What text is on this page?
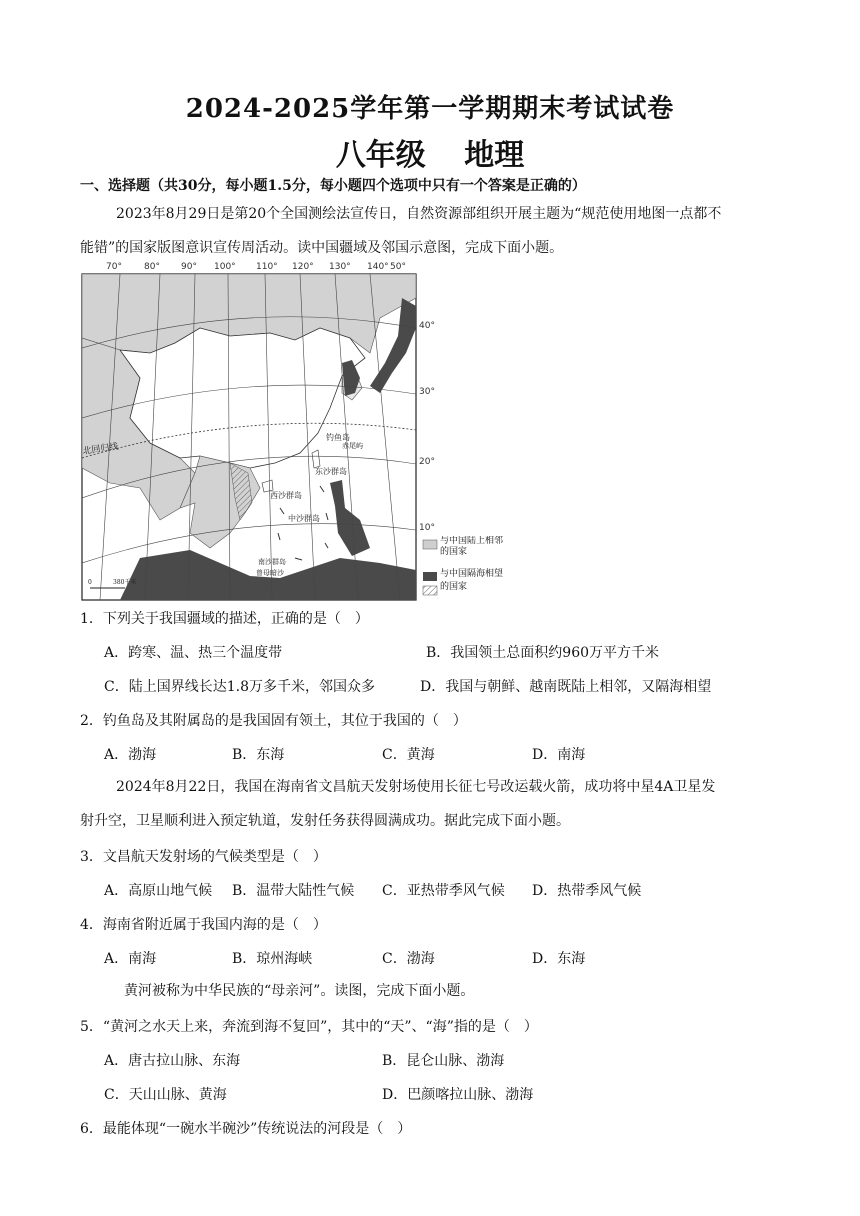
2024-2025学年第一学期期末考试试卷
八年级 地理
一、选择题（共30分，每小题1.5分，每小题四个选项中只有一个答案是正确的）
2023年8月29日是第20个全国测绘法宣传日，自然资源部组织开展主题为“规范使用地图一点都不
能错”的国家版图意识宣传周活动。读中国疆域及邻国示意图，完成下面小题。
70° 80° 90° 100° 110° 120° 130° 140° 50°
40°
30°
20°
10°
北回归线
钓鱼岛
赤尾屿
东沙群岛
西沙群岛
中沙群岛
南沙群岛
曾母暗沙
0	380千米
与中国陆上相邻的国家
与中国隔海相望的国家
1．下列关于我国疆域的描述，正确的是（　）
A．跨寒、温、热三个温度带	B．我国领土总面积约960万平方千米
C．陆上国界线长达1.8万多千米，邻国众多	D．我国与朝鲜、越南既陆上相邻，又隔海相望
2．钓鱼岛及其附属岛的是我国固有领土，其位于我国的（　）
A．渤海	B．东海	C．黄海	D．南海
2024年8月22日，我国在海南省文昌航天发射场使用长征七号改运载火箭，成功将中星4A卫星发
射升空，卫星顺利进入预定轨道，发射任务获得圆满成功。据此完成下面小题。
3．文昌航天发射场的气候类型是（　）
A．高原山地气候 B．温带大陆性气候 C．亚热带季风气候 D．热带季风气候
4．海南省附近属于我国内海的是（　）
A．南海	B．琼州海峡	C．渤海	D．东海
黄河被称为中华民族的“母亲河”。读图，完成下面小题。
5．“黄河之水天上来，奔流到海不复回”，其中的“天”、“海”指的是（　）
A．唐古拉山脉、东海	B．昆仑山脉、渤海
C．天山山脉、黄海	D．巴颜喀拉山脉、渤海
6．最能体现“一碗水半碗沙”传统说法的河段是（　）
